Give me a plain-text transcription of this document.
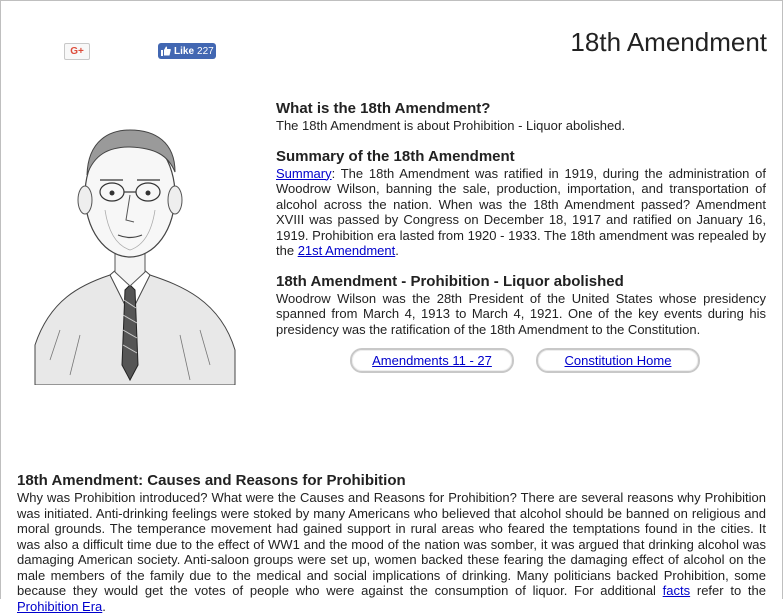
G+	Like 227	18th Amendment
What is the 18th Amendment?

The 18th Amendment is about Prohibition - Liquor abolished.

Summary of the 18th Amendment

Summary: The 18th Amendment was ratified in 1919, during the administration of Woodrow Wilson, banning the sale, production, importation, and transportation of alcohol across the nation. When was the 18th Amendment passed? Amendment XVIII was passed by Congress on December 18, 1917 and ratified on January 16, 1919. Prohibition era lasted from 1920 - 1933. The 18th amendment was repealed by the 21st Amendment.

18th Amendment - Prohibition - Liquor abolished

Woodrow Wilson was the 28th President of the United States whose presidency spanned from March 4, 1913 to March 4, 1921. One of the key events during his presidency was the ratification of the 18th Amendment to the Constitution.

Amendments 11 - 27	Constitution Home
18th Amendment: Causes and Reasons for Prohibition

Why was Prohibition introduced? What were the Causes and Reasons for Prohibition? There are several reasons why Prohibition was initiated. Anti-drinking feelings were stoked by many Americans who believed that alcohol should be banned on religious and moral grounds. The temperance movement had gained support in rural areas who feared the temptations found in the cities. It was also a difficult time due to the effect of WW1 and the mood of the nation was somber, it was argued that drinking alcohol was damaging American society. Anti-saloon groups were set up, women backed these fearing the damaging effect of alcohol on the male members of the family due to the medical and social implications of drinking. Many politicians backed Prohibition, some because they would get the votes of people who were against the consumption of liquor. For additional facts refer to the Prohibition Era.
